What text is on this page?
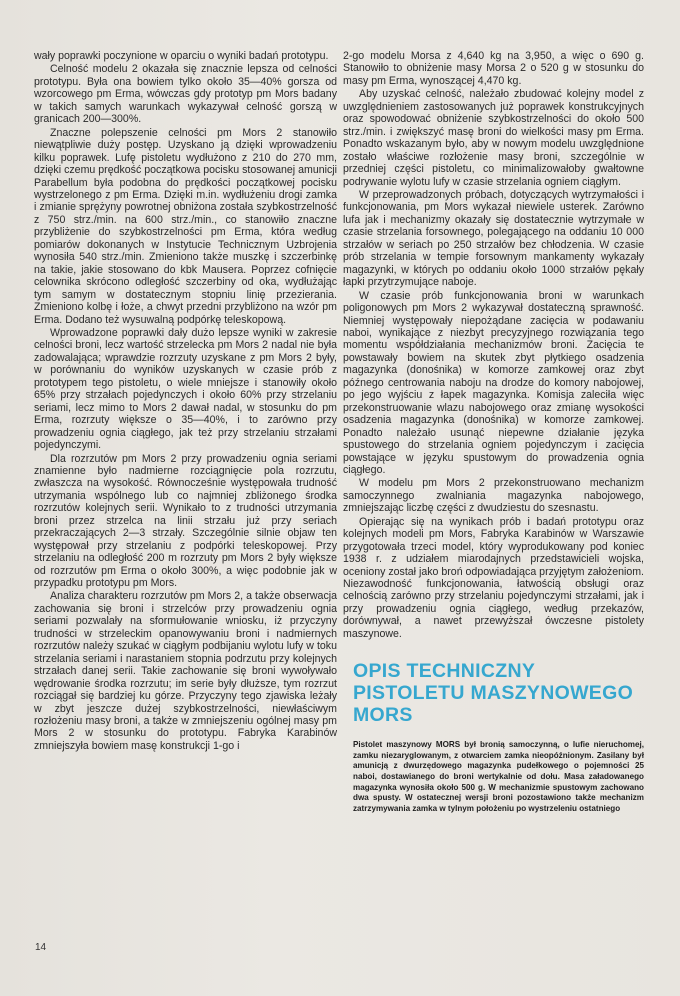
wały poprawki poczynione w oparciu o wyniki badań prototypu.

Celność modelu 2 okazała się znacznie lepsza od celności prototypu. Była ona bowiem tylko około 35—40% gorsza od wzorcowego pm Erma, wówczas gdy prototyp pm Mors badany w takich samych warunkach wykazywał celność gorszą w granicach 200—300%.

Znaczne polepszenie celności pm Mors 2 stanowiło niewątpliwie duży postęp. Uzyskano ją dzięki wprowadzeniu kilku poprawek. Lufę pistoletu wydłużono z 210 do 270 mm, dzięki czemu prędkość początkowa pocisku stosowanej amunicji Parabellum była podobna do prędkości początkowej pocisku wystrzelonego z pm Erma. Dzięki m.in. wydłużeniu drogi zamka i zmianie sprężyny powrotnej obniżona została szybkostrzelność z 750 strz./min. na 600 strz./min., co stanowiło znaczne przybliżenie do szybkostrzelności pm Erma, która według pomiarów dokonanych w Instytucie Technicznym Uzbrojenia wynosiła 540 strz./min. Zmieniono także muszkę i szczerbinkę na takie, jakie stosowano do kbk Mausera. Poprzez cofnięcie celownika skrócono odległość szczerbiny od oka, wydłużając tym samym w dostatecznym stopniu linię przezierania. Zmieniono kolbę i łoże, a chwyt przedni przybliżono na wzór pm Erma. Dodano też wysuwalną podpórkę teleskopową.

Wprowadzone poprawki dały dużo lepsze wyniki w zakresie celności broni, lecz wartość strzelecka pm Mors 2 nadal nie była zadowalająca; wprawdzie rozrzuty uzyskane z pm Mors 2 były, w porównaniu do wyników uzyskanych w czasie prób z prototypem tego pistoletu, o wiele mniejsze i stanowiły około 65% przy strzałach pojedynczych i około 60% przy strzelaniu seriami, lecz mimo to Mors 2 dawał nadal, w stosunku do pm Erma, rozrzuty większe o 35—40%, i to zarówno przy prowadzeniu ognia ciągłego, jak też przy strzelaniu strzałami pojedynczymi.

Dla rozrzutów pm Mors 2 przy prowadzeniu ognia seriami znamienne było nadmierne rozciągnięcie pola rozrzutu, zwłaszcza na wysokość. Równocześnie występowała trudność utrzymania wspólnego lub co najmniej zbliżonego środka rozrzutów kolejnych serii. Wynikało to z trudności utrzymania broni przez strzelca na linii strzału już przy seriach przekraczających 2—3 strzały. Szczególnie silnie objaw ten występował przy strzelaniu z podpórki teleskopowej. Przy strzelaniu na odległość 200 m rozrzuty pm Mors 2 były większe od rozrzutów pm Erma o około 300%, a więc podobnie jak w przypadku prototypu pm Mors.

Analiza charakteru rozrzutów pm Mors 2, a także obserwacja zachowania się broni i strzelców przy prowadzeniu ognia seriami pozwalały na sformułowanie wniosku, iż przyczyny trudności w strzeleckim opanowywaniu broni i nadmiernych rozrzutów należy szukać w ciągłym podbijaniu wylotu lufy w toku strzelania seriami i narastaniem stopnia podrzutu przy kolejnych strzałach danej serii. Takie zachowanie się broni wywoływało wędrowanie środka rozrzutu; im serie były dłuższe, tym rozrzut rozciągał się bardziej ku górze. Przyczyny tego zjawiska leżały w zbyt jeszcze dużej szybkostrzelności, niewłaściwym rozłożeniu masy broni, a także w zmniejszeniu ogólnej masy pm Mors 2 w stosunku do prototypu. Fabryka Karabinów zmniejszyła bowiem masę konstrukcji 1-go i

2-go modelu Morsa z 4,640 kg na 3,950, a więc o 690 g. Stanowiło to obniżenie masy Morsa 2 o 520 g w stosunku do masy pm Erma, wynoszącej 4,470 kg.

Aby uzyskać celność, należało zbudować kolejny model z uwzględnieniem zastosowanych już poprawek konstrukcyjnych oraz spowodować obniżenie szybkostrzelności do około 500 strz./min. i zwiększyć masę broni do wielkości masy pm Erma. Ponadto wskazanym było, aby w nowym modelu uwzględnione zostało właściwe rozłożenie masy broni, szczególnie w przedniej części pistoletu, co minimalizowałoby gwałtowne podrywanie wylotu lufy w czasie strzelania ogniem ciągłym.

W przeprowadzonych próbach, dotyczących wytrzymałości i funkcjonowania, pm Mors wykazał niewiele usterek. Zarówno lufa jak i mechanizmy okazały się dostatecznie wytrzymałe w czasie strzelania forsownego, polegającego na oddaniu 10 000 strzałów w seriach po 250 strzałów bez chłodzenia. W czasie prób strzelania w tempie forsownym mankamenty wykazały magazynki, w których po oddaniu około 1000 strzałów pękały łapki przytrzymujące naboje.

W czasie prób funkcjonowania broni w warunkach poligonowych pm Mors 2 wykazywał dostateczną sprawność. Niemniej występowały niepożądane zacięcia w podawaniu naboi, wynikające z niezbyt precyzyjnego rozwiązania tego momentu współdziałania mechanizmów broni. Zacięcia te powstawały bowiem na skutek zbyt płytkiego osadzenia magazynka (donośnika) w komorze zamkowej oraz zbyt późnego centrowania naboju na drodze do komory nabojowej, po jego wyjściu z łapek magazynka. Komisja zaleciła więc przekonstruowanie wlazu nabojowego oraz zmianę wysokości osadzenia magazynka (donośnika) w komorze zamkowej. Ponadto należało usunąć niepewne działanie języka spustowego do strzelania ogniem pojedynczym i zacięcia powstające w języku spustowym do prowadzenia ognia ciągłego.

W modelu pm Mors 2 przekonstruowano mechanizm samoczynnego zwalniania magazynka nabojowego, zmniejszając liczbę części z dwudziestu do szesnastu.

Opierając się na wynikach prób i badań prototypu oraz kolejnych modeli pm Mors, Fabryka Karabinów w Warszawie przygotowała trzeci model, który wyprodukowany pod koniec 1938 r. z udziałem miarodajnych przedstawicieli wojska, oceniony został jako broń odpowiadająca przyjętym założeniom. Niezawodność funkcjonowania, łatwością obsługi oraz celnością zarówno przy strzelaniu pojedynczymi strzałami, jak i przy prowadzeniu ognia ciągłego, według przekazów, dorównywał, a nawet przewyższał ówczesne pistolety maszynowe.

OPIS TECHNICZNY PISTOLETU MASZYNOWEGO MORS
Pistolet maszynowy MORS był bronią samoczynną, o lufie nieruchomej, zamku niezaryglowanym, z otwarciem zamka nieopóźnionym. Zasilany był amunicją z dwurzędowego magazynka pudełkowego o pojemności 25 naboi, dostawianego do broni wertykalnie od dołu. Masa załadowanego magazynka wynosiła około 500 g. W mechanizmie spustowym zachowano dwa spusty. W ostatecznej wersji broni pozostawiono także mechanizm zatrzymywania zamka w tylnym położeniu po wystrzeleniu ostatniego
14
